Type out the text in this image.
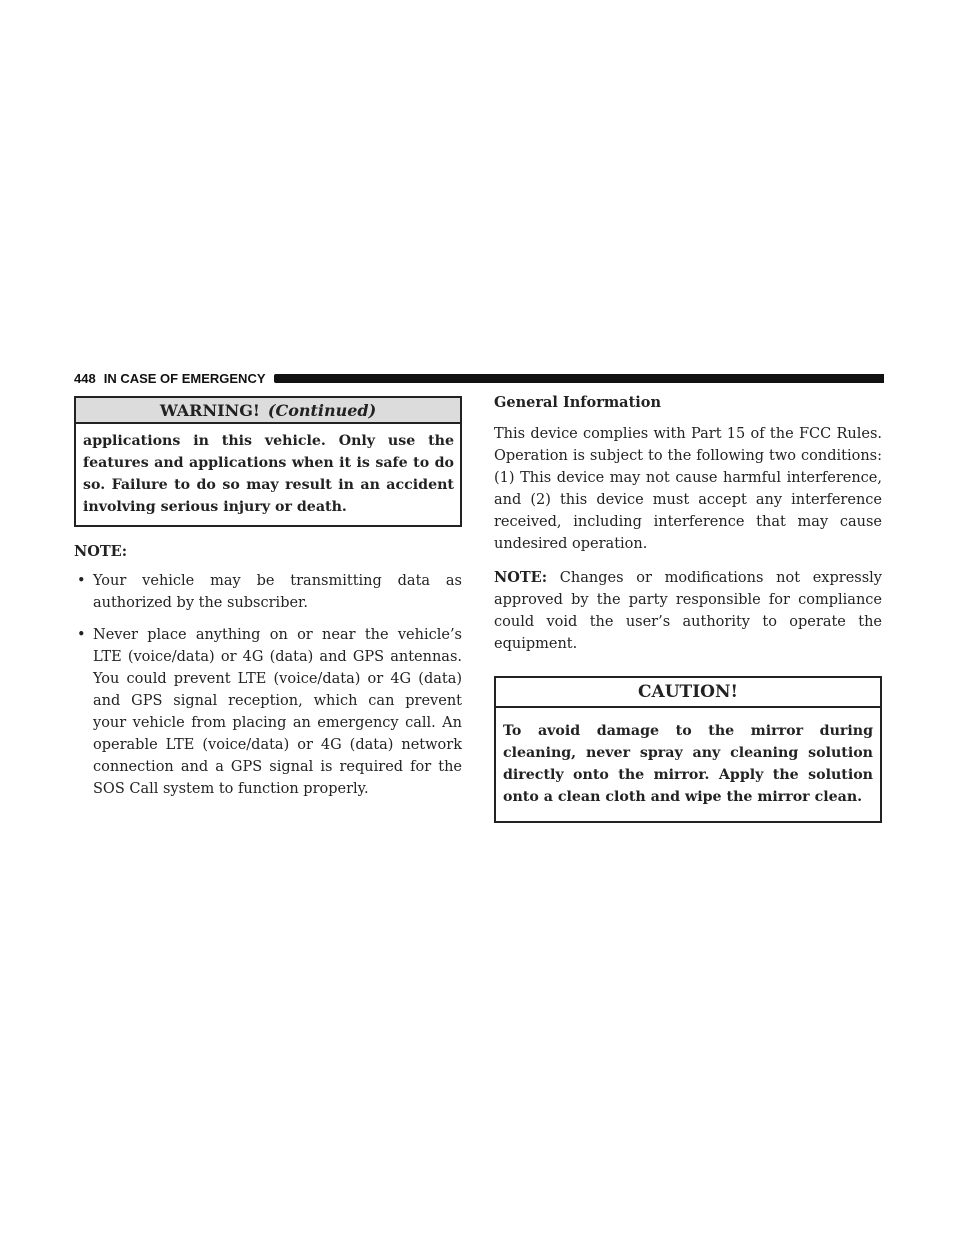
448 IN CASE OF EMERGENCY
WARNING! (Continued)
applications in this vehicle. Only use the features and applications when it is safe to do so. Failure to do so may result in an accident involving serious injury or death.
NOTE:
• Your vehicle may be transmitting data as authorized by the subscriber.
• Never place anything on or near the vehicle’s LTE (voice/data) or 4G (data) and GPS antennas. You could prevent LTE (voice/data) or 4G (data) and GPS signal reception, which can prevent your vehicle from placing an emergency call. An operable LTE (voice/data) or 4G (data) network connection and a GPS signal is required for the SOS Call system to function properly.
General Information

This device complies with Part 15 of the FCC Rules. Operation is subject to the following two conditions: (1) This device may not cause harmful interference, and (2) this device must accept any interference received, including interference that may cause undesired operation.

NOTE: Changes or modifications not expressly approved by the party responsible for compliance could void the user’s authority to operate the equipment.

CAUTION!
To avoid damage to the mirror during cleaning, never spray any cleaning solution directly onto the mirror. Apply the solution onto a clean cloth and wipe the mirror clean.
